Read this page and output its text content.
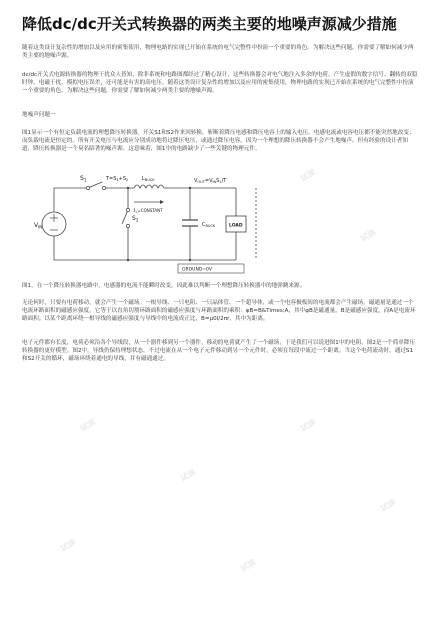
降低dc/dc开关式转换器的两类主要的地噪声源减少措施

随着这类设计复杂性的增加以及应用的密集使用，物理电路的实现已开始在系统的电气完整性中扮演一个重要的角色。为解决这些问题，你需要了解如何减少两类主要的地噪声源。

dc/dc开关式电源转换器的物理干扰众人皆知，除非系统和电路图都经过了精心设计，这些转换器会对电气地注入多余的电荷，产生虚假的数字信号、翻转的双稳时钟、电磁干扰、模拟电压误差，还可能是有害的高电压。随着这类设计复杂性的增加以及应用的密集使用，物理电路的实现已开始在系统的电气完整性中扮演一个重要的角色。为解决这些问题，你需要了解如何减少两类主要的地噪声源。

地噪声问题一

图1显示一个有恒定负载电流的理想降压转换器。开关S1和S2作来回转换，斩断着降压电感和降压电容上的输入电压。电感电流或电容电压都不能突然地改变；而负载电流是恒定的。所有开关电压与电流应分别成功地将过降压电压，或通过降压电容，因为一个理想的降压转换器不会产生地噪声。但有经验的设计者知道，降压转换器是一个臭名昭著的噪声源。这意味着，图1中的电路缺少了一些关键的物理元件。

$V_{IN}$
$S_1$
$S_2$
$T=S_1+S_2$	$L_{BUCK}$
$I_L^{=CONSTANT}$
$V_{OUT}=V_{IN}S_1/T$
$C_{BUCK}$	LOAD
GROUND=0V

图1，在一个降压转换器电路中，电感器的电流不能瞬时改变，因此难以判断一个理想降压转换器中的地弹跳来源。

无论何时，只要有电荷移动，就会产生一个磁场。一根导线、一只电阻、一只晶体管、一个超导体，或一个电容极板间的电流都会产生磁场。磁通量是通过一个电流环路面积的磁感应强度，它等于以直角切割环路面积的磁感应强度与环路面积的乘积：φB=B&Times;A，其中φB是磁通量，B是磁感应强度，而A是电流环路面积。以某个距离环绕一根导线的磁感应强度与导线中的电流成正比，B=μ0I/2πr，其中为距离。

电子元件都有长度，电荷必须沿各个导线段，从一个器件移到另一个器件。移动的电荷就产生了一个磁场，于是我们可以说进图1中的电阻。图2是一个简单降压转换器的更好模型。图2中，导线仍保持理想状态，不过电流在从一个电子元件移动到另一个元件时，必须在每段中流过一个距离。当这个电荷流动时，通过S1和S2开关的循环，磁场环绕着通电的导线，并有磁通通过。

试读
试读
试读
试读
试读
试读
试读
试读
